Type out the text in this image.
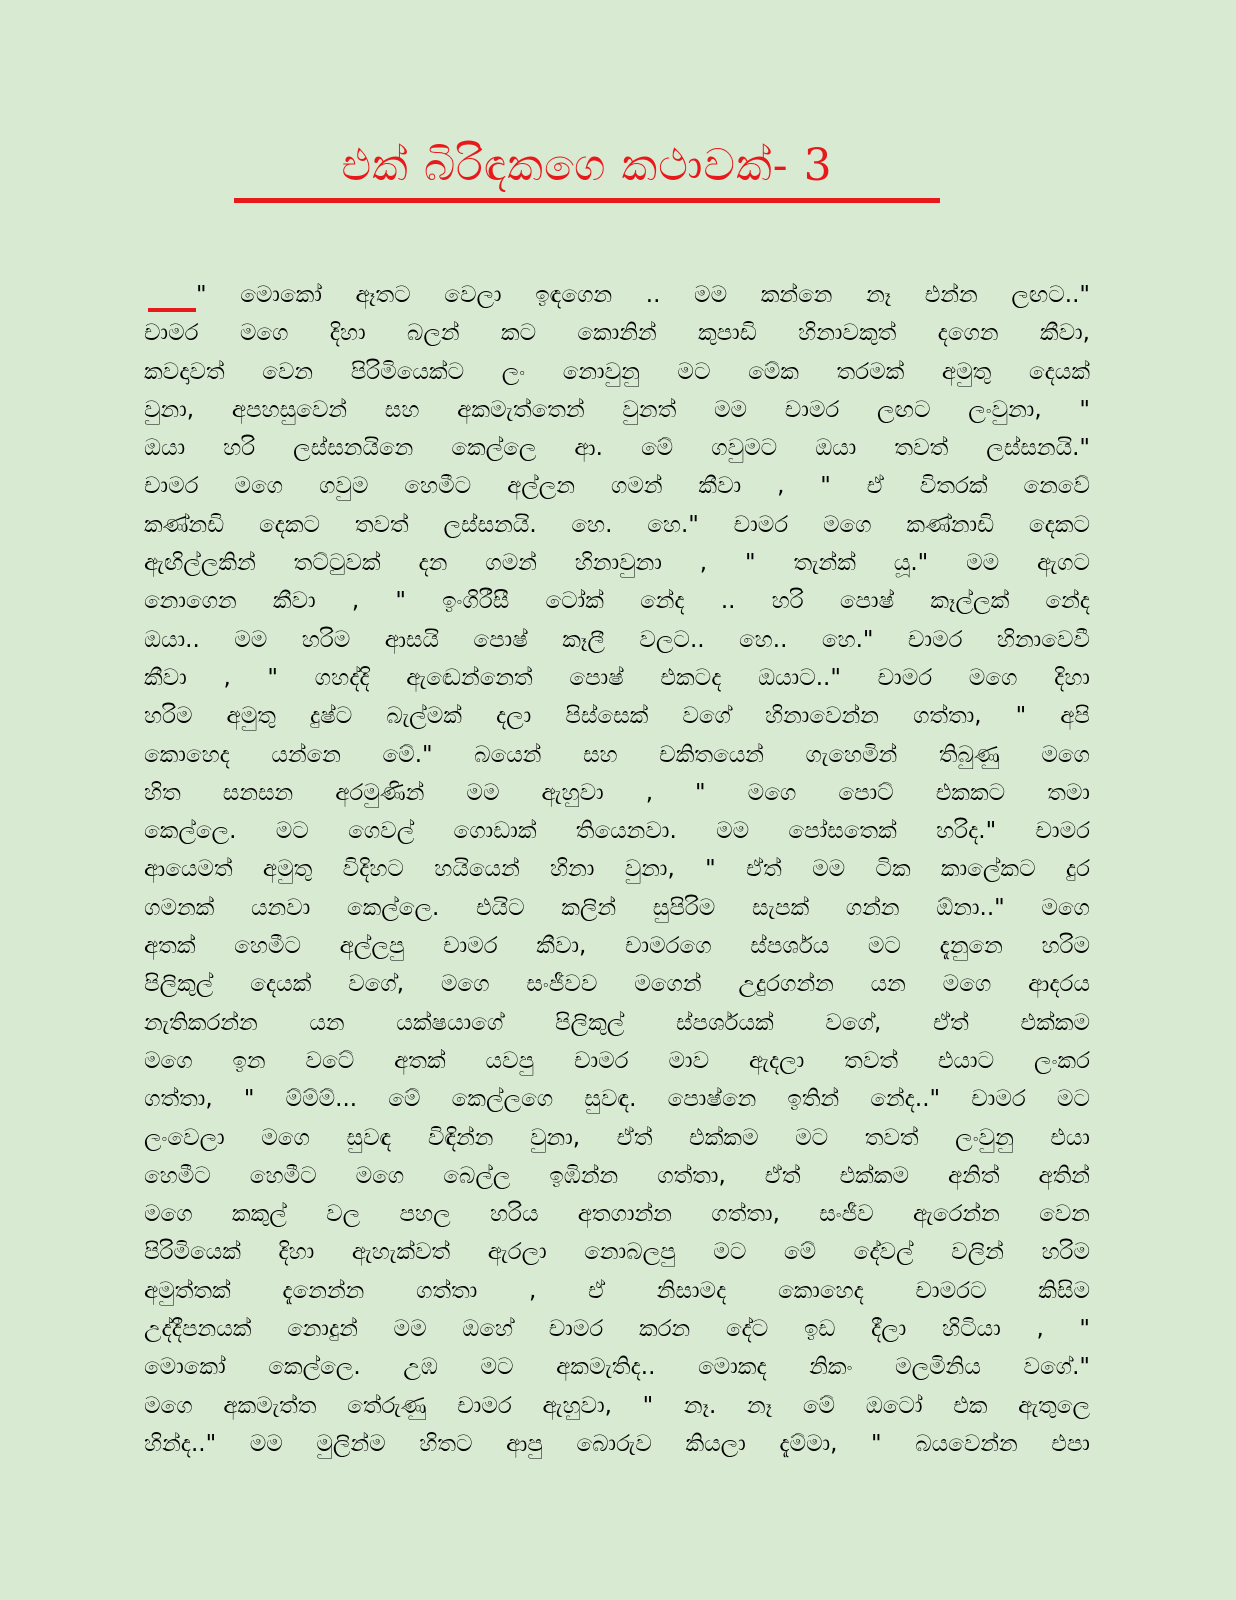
එක් බිරිඳකගෙ කථාවක්- 3
" මොකෝ ඈතට වෙලා ඉඳගෙන .. මම කන්නෙ නෑ එන්න ලඟට.."
චාමර මගෙ දිහා බලන් කට කොනින් කුපාඩි හිනාවකුත් දගෙන කීවා,
කවදාවත් වෙන පිරිමියෙක්ට ලං නොවුනු මට මේක තරමක් අමුතු දෙයක්
වුනා, අපහසුවෙන් සහ අකමැත්තෙන් වුනත් මම චාමර ලඟට ලංවුනා, "
ඔයා හරි ලස්සනයිනෙ කෙල්ලෙ ආ. මේ ගවුමට ඔයා තවත් ලස්සනයි."
චාමර මගෙ ගවුම හෙමීට අල්ලන ගමන් කීවා , " ඒ විතරක් නෙවේ
කණ්නඩි දෙකට තවත් ලස්සනයි. හෙ. හෙ." චාමර මගෙ කණ්නාඩි දෙකට
ඇඟිල්ලකින් තට්ටුවක් දන ගමන් හිනාවුනා , " තැන්ක් යූ." මම ඇගට
නොගෙන කීවා , " ඉංගිරීසී ටෝක් නේද .. හරි පොෂ් කෑල්ලක් නේද
ඔයා.. මම හරිම ආසයි පොෂ් කෑලී වලට.. හෙ.. හෙ." චාමර හිනාවෙවී
කීවා , " ගහද්දි ඇඬෙන්නෙත් පොෂ් එකටද ඔයාට.." චාමර මගෙ දිහා
හරිම අමුතු දුෂ්ට බැල්මක් දලා පිස්සෙක් වගේ හිනාවෙන්න ගත්තා, " අපි
කොහෙද යන්නෙ මේ." බයෙන් සහ චකිතයෙන් ගැහෙමින් තිබුණු මගෙ
හිත සනසන අරමුණින් මම ඇහුවා , " මගෙ පොට් එකකට තමා
කෙල්ලෙ. මට ගෙවල් ගොඩාක් තියෙනවා. මම පෝසතෙක් හරිද." චාමර
ආයෙමත් අමුතු විදිහට හයියෙන් හිනා වුනා, " ඒත් මම ටික කාලේකට දුර
ගමනක් යනවා කෙල්ලෙ. එයිට කලින් සුපිරිම සැපක් ගන්න ඕනා.." මගෙ
අතක් හෙමීට අල්ලපු චාමර කීවා, චාමරගෙ ස්පර්ශය මට දැනුනෙ හරිම
පිලිකුල් දෙයක් වගේ, මගෙ සංජීවව මගෙන් උදුරගන්න යන මගෙ ආදරය
නැතිකරන්න යන යක්ෂයාගේ පිලිකුල් ස්පර්ශයක් වගේ, ඒත් එක්කම
මගෙ ඉන වටේ අතක් යවපු චාමර මාව ඇදලා තවත් එයාට ලංකර
ගත්තා, " ම්ම්ම්... මේ කෙල්ලගෙ සුවඳ. පොෂ්නෙ ඉතින් නේද.." චාමර මට
ලංවෙලා මගෙ සුවඳ විඳින්න වුනා, ඒත් එක්කම මට තවත් ලංවුනු එයා
හෙමීට හෙමීට මගෙ බෙල්ල ඉඹින්න ගත්තා, ඒත් එක්කම අනිත් අතින්
මගෙ කකුල් වල පහල හරිය අතගාන්න ගත්තා, සංජීව ඇරෙන්න වෙන
පිරිමියෙක් දිහා ඇහැක්වත් ඇරලා නොබලපු මට මේ දේවල් වලින් හරිම
අමුත්තක් දැනෙන්න ගත්තා , ඒ නිසාමද කොහෙද චාමරට කිසිම
උද්දීපනයක් නොදුන් මම ඔහේ චාමර කරන දේට ඉඩ දීලා හිටියා , "
මොකෝ කෙල්ලෙ. උඹ මට අකමැතිද.. මොකද නිකං මලමිනිය වගේ."
මගෙ අකමැත්ත තේරුණු චාමර ඇහුවා, " නෑ. නෑ මේ ඔටෝ එක ඇතුලෙ
හින්ද.." මම මුලින්ම හිතට ආපු බොරුව කියලා දැම්මා, " බයවෙන්න එපා
